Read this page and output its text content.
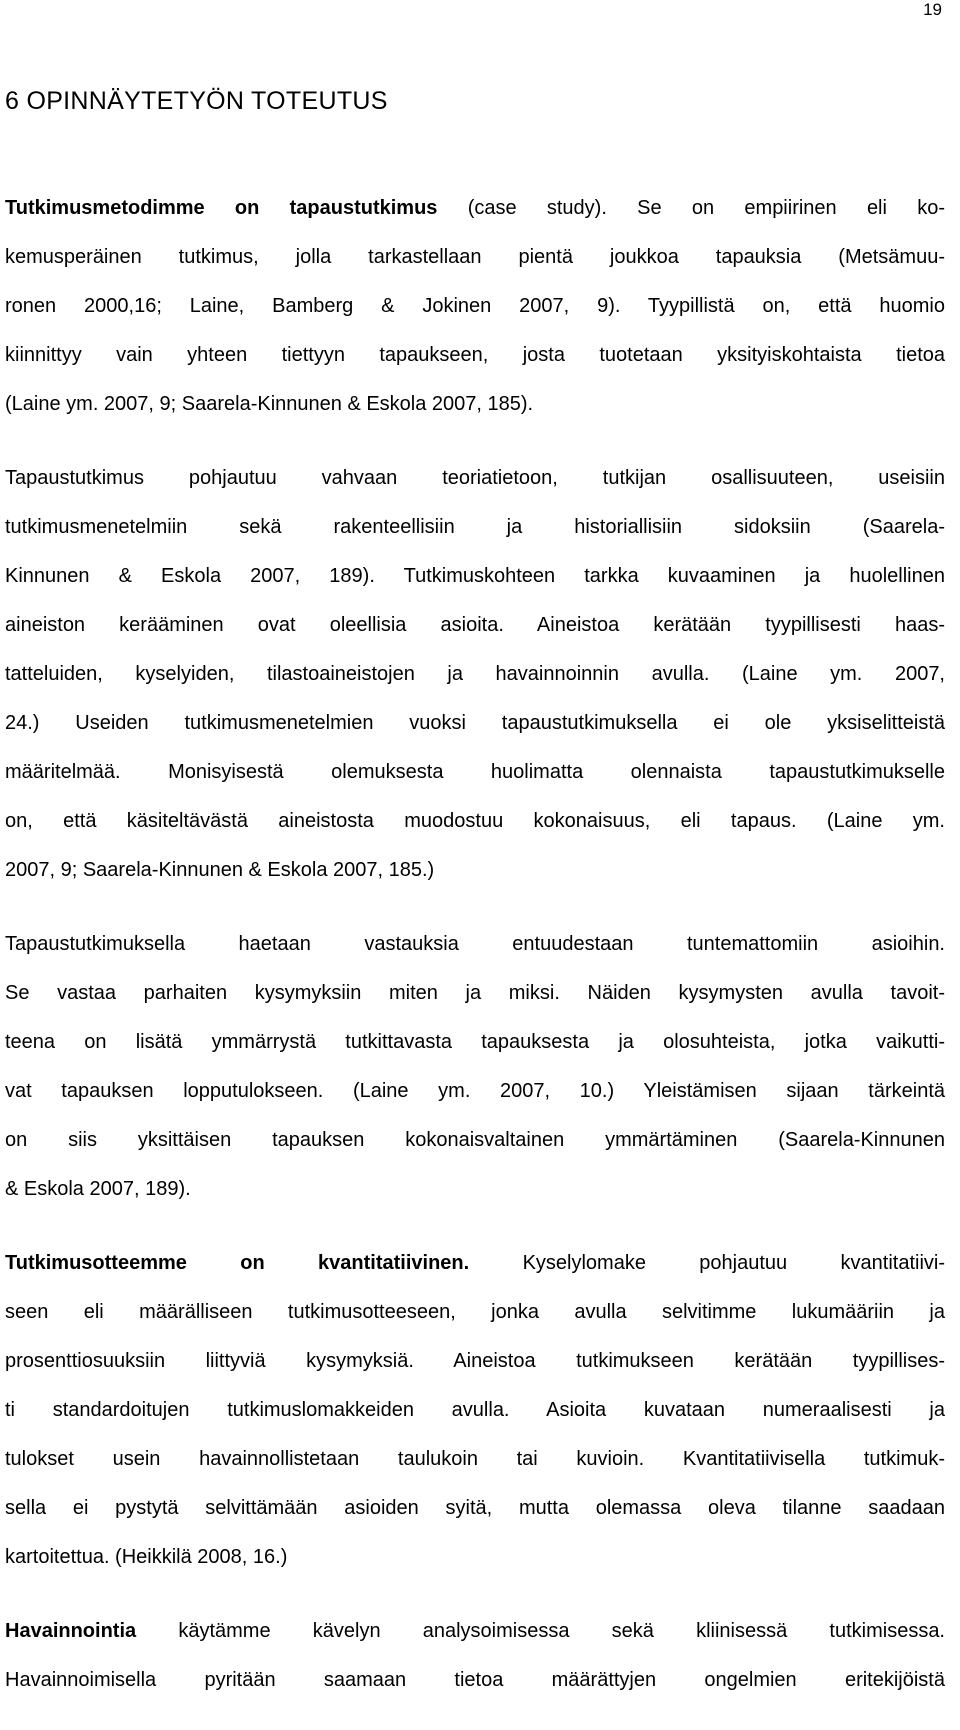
19
6 OPINNÄYTETYÖN TOTEUTUS
Tutkimusmetodimme on tapaustutkimus (case study). Se on empiirinen eli ko-
kemusperäinen tutkimus, jolla tarkastellaan pientä joukkoa tapauksia (Metsämuu-
ronen 2000,16; Laine, Bamberg & Jokinen 2007, 9). Tyypillistä on, että huomio
kiinnittyy vain yhteen tiettyyn tapaukseen, josta tuotetaan yksityiskohtaista tietoa
(Laine ym. 2007, 9; Saarela-Kinnunen & Eskola 2007, 185).
Tapaustutkimus pohjautuu vahvaan teoriatietoon, tutkijan osallisuuteen, useisiin
tutkimusmenetelmiin sekä rakenteellisiin ja historiallisiin sidoksiin (Saarela-
Kinnunen & Eskola 2007, 189). Tutkimuskohteen tarkka kuvaaminen ja huolellinen
aineiston kerääminen ovat oleellisia asioita. Aineistoa kerätään tyypillisesti haas-
tatteluiden, kyselyiden, tilastoaineistojen ja havainnoinnin avulla. (Laine ym. 2007,
24.) Useiden tutkimusmenetelmien vuoksi tapaustutkimuksella ei ole yksiselitteistä
määritelmää. Monisyisestä olemuksesta huolimatta olennaista tapaustutkimukselle
on, että käsiteltävästä aineistosta muodostuu kokonaisuus, eli tapaus. (Laine ym.
2007, 9; Saarela-Kinnunen & Eskola 2007, 185.)
Tapaustutkimuksella haetaan vastauksia entuudestaan tuntemattomiin asioihin.
Se vastaa parhaiten kysymyksiin miten ja miksi. Näiden kysymysten avulla tavoit-
teena on lisätä ymmärrystä tutkittavasta tapauksesta ja olosuhteista, jotka vaikutti-
vat tapauksen lopputulokseen. (Laine ym. 2007, 10.) Yleistämisen sijaan tärkeintä
on siis yksittäisen tapauksen kokonaisvaltainen ymmärtäminen (Saarela-Kinnunen
& Eskola 2007, 189).
Tutkimusotteemme on kvantitatiivinen. Kyselylomake pohjautuu kvantitatiivi-
seen eli määrälliseen tutkimusotteeseen, jonka avulla selvitimme lukumääriin ja
prosenttiosuuksiin liittyviä kysymyksiä. Aineistoa tutkimukseen kerätään tyypillises-
ti standardoitujen tutkimuslomakkeiden avulla. Asioita kuvataan numeraalisesti ja
tulokset usein havainnollistetaan taulukoin tai kuvioin. Kvantitatiivisella tutkimuk-
sella ei pystytä selvittämään asioiden syitä, mutta olemassa oleva tilanne saadaan
kartoitettua. (Heikkilä 2008, 16.)
Havainnointia käytämme kävelyn analysoimisessa sekä kliinisessä tutkimisessa.
Havainnoimisella pyritään saamaan tietoa määrättyjen ongelmien eritekijöistä
